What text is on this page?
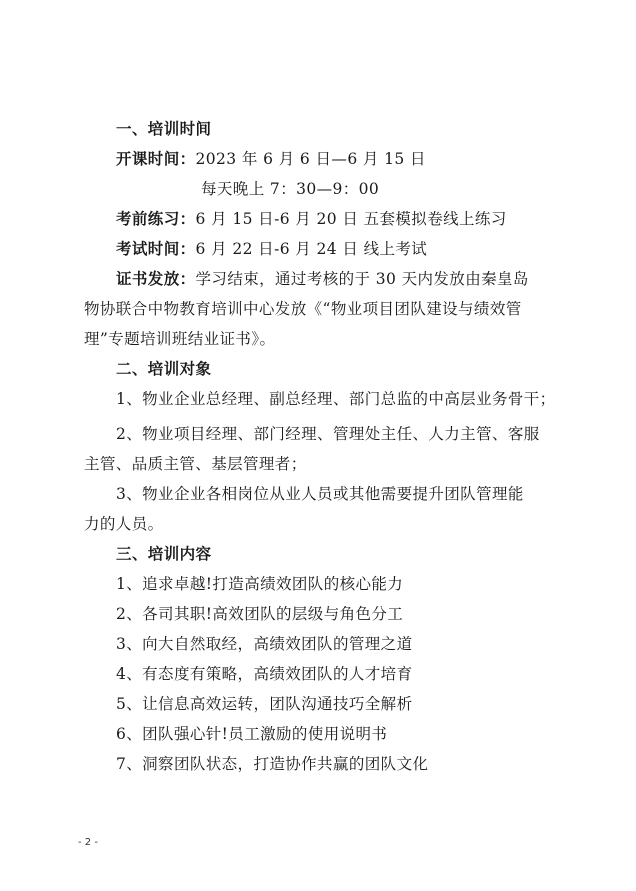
一、培训时间
开课时间：2023 年 6 月 6 日—6 月 15 日
每天晚上 7：30—9：00
考前练习：6 月 15 日-6 月 20 日 五套模拟卷线上练习
考试时间：6 月 22 日-6 月 24 日 线上考试
证书发放：学习结束，通过考核的于 30 天内发放由秦皇岛
物协联合中物教育培训中心发放《“物业项目团队建设与绩效管
理”专题培训班结业证书》。
二、培训对象
1、物业企业总经理、副总经理、部门总监的中高层业务骨干；
2、物业项目经理、部门经理、管理处主任、人力主管、客服
主管、品质主管、基层管理者；
3、物业企业各相岗位从业人员或其他需要提升团队管理能
力的人员。
三、培训内容
1、追求卓越!打造高绩效团队的核心能力
2、各司其职!高效团队的层级与角色分工
3、向大自然取经，高绩效团队的管理之道
4、有态度有策略，高绩效团队的人才培育
5、让信息高效运转，团队沟通技巧全解析
6、团队强心针!员工激励的使用说明书
7、洞察团队状态，打造协作共赢的团队文化
- 2 -
